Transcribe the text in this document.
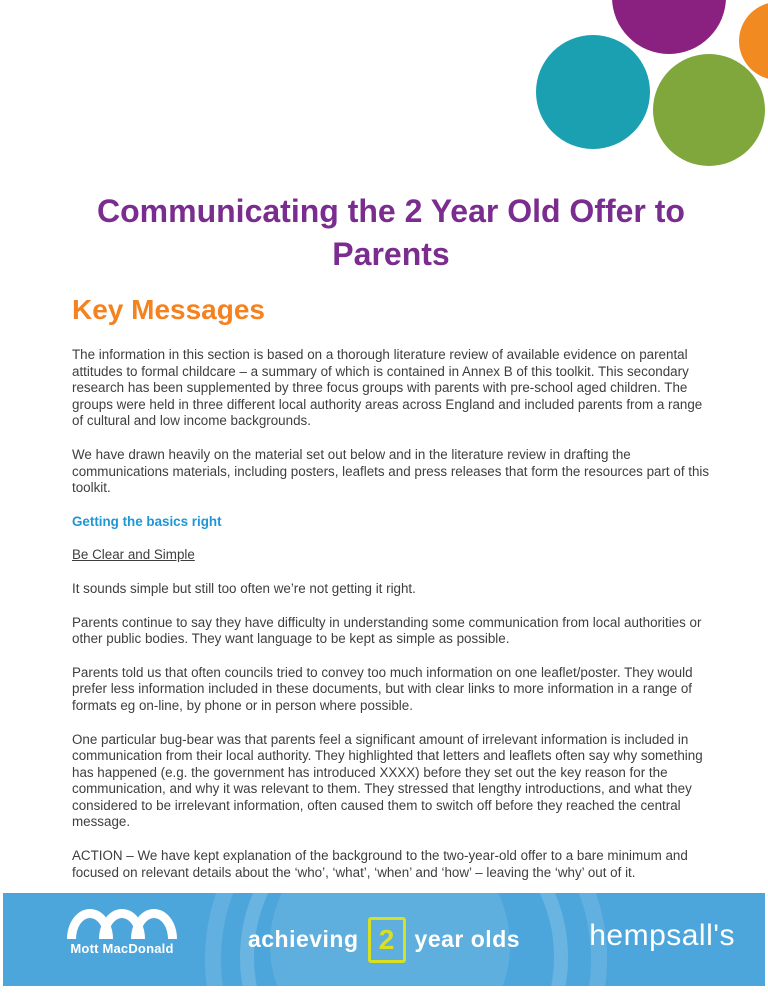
Communicating the 2 Year Old Offer to Parents
Key Messages

The information in this section is based on a thorough literature review of available evidence on parental attitudes to formal childcare – a summary of which is contained in Annex B of this toolkit. This secondary research has been supplemented by three focus groups with parents with pre-school aged children. The groups were held in three different local authority areas across England and included parents from a range of cultural and low income backgrounds.

We have drawn heavily on the material set out below and in the literature review in drafting the communications materials, including posters, leaflets and press releases that form the resources part of this toolkit.

Getting the basics right

Be Clear and Simple

It sounds simple but still too often we’re not getting it right.

Parents continue to say they have difficulty in understanding some communication from local authorities or other public bodies. They want language to be kept as simple as possible.

Parents told us that often councils tried to convey too much information on one leaflet/poster. They would prefer less information included in these documents, but with clear links to more information in a range of formats eg on-line, by phone or in person where possible.

One particular bug-bear was that parents feel a significant amount of irrelevant information is included in communication from their local authority. They highlighted that letters and leaflets often say why something has happened (e.g. the government has introduced XXXX) before they set out the key reason for the communication, and why it was relevant to them. They stressed that lengthy introductions, and what they considered to be irrelevant information, often caused them to switch off before they reached the central message.

ACTION – We have kept explanation of the background to the two-year-old offer to a bare minimum and focused on relevant details about the ‘who’, ‘what’, ‘when’ and ‘how’ – leaving the ‘why’ out of it.

Mott MacDonald	achieving 2 year olds hempsall's
